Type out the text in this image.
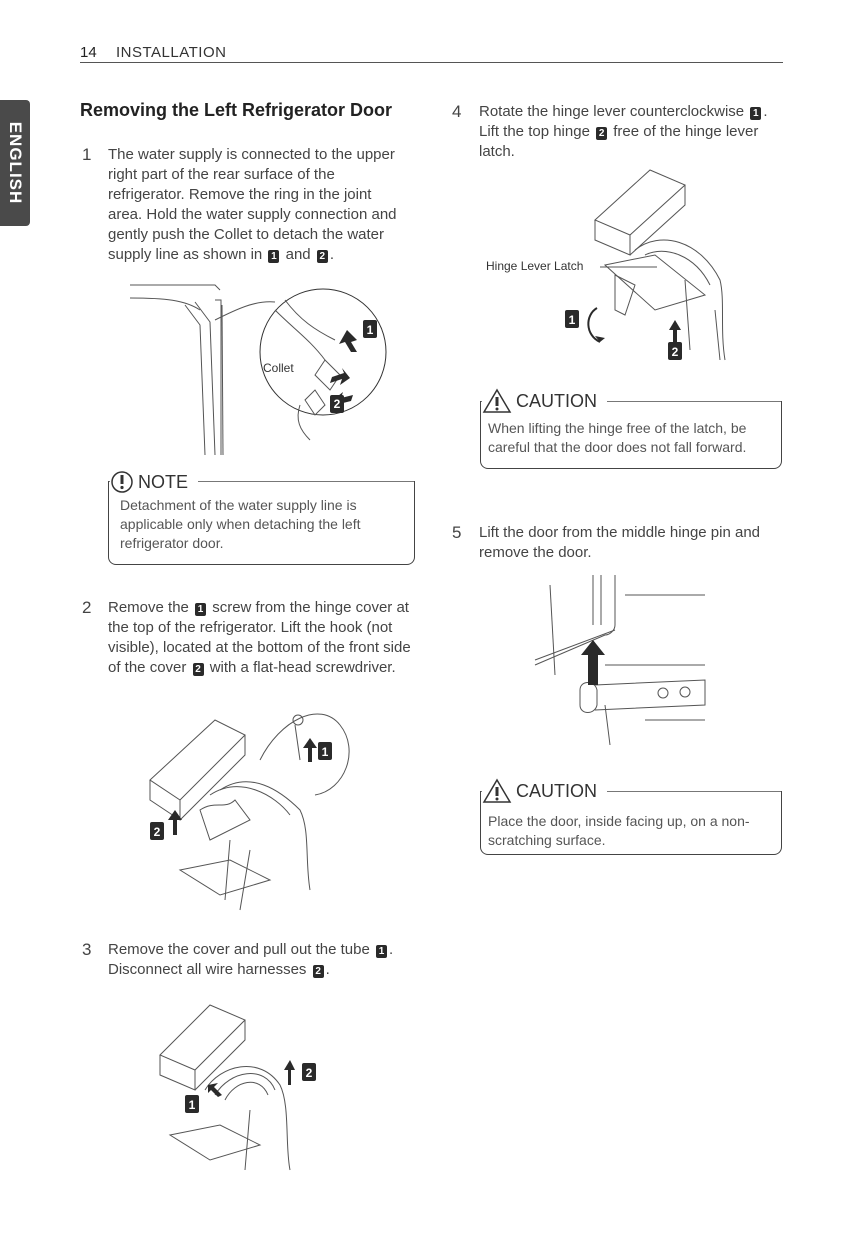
14 INSTALLATION
ENGLISH
Removing the Left Refrigerator Door
1 The water supply is connected to the upper right part of the rear surface of the refrigerator. Remove the ring in the joint area. Hold the water supply connection and gently push the Collet to detach the water supply line as shown in 1 and 2 .
1
2
Collet
NOTE
Detachment of the water supply line is applicable only when detaching the left refrigerator door.
2 Remove the 1 screw from the hinge cover at the top of the refrigerator. Lift the hook (not visible), located at the bottom of the front side of the cover 2 with a flat-head screwdriver.
1
2
3 Remove the cover and pull out the tube 1 . Disconnect all wire harnesses 2 .
1
2
4 Rotate the hinge lever counterclockwise 1 . Lift the top hinge 2 free of the hinge lever latch.
1
2
Hinge Lever Latch
CAUTION
When lifting the hinge free of the latch, be careful that the door does not fall forward.
5 Lift the door from the middle hinge pin and remove the door.
CAUTION
Place the door, inside facing up, on a non-scratching surface.
